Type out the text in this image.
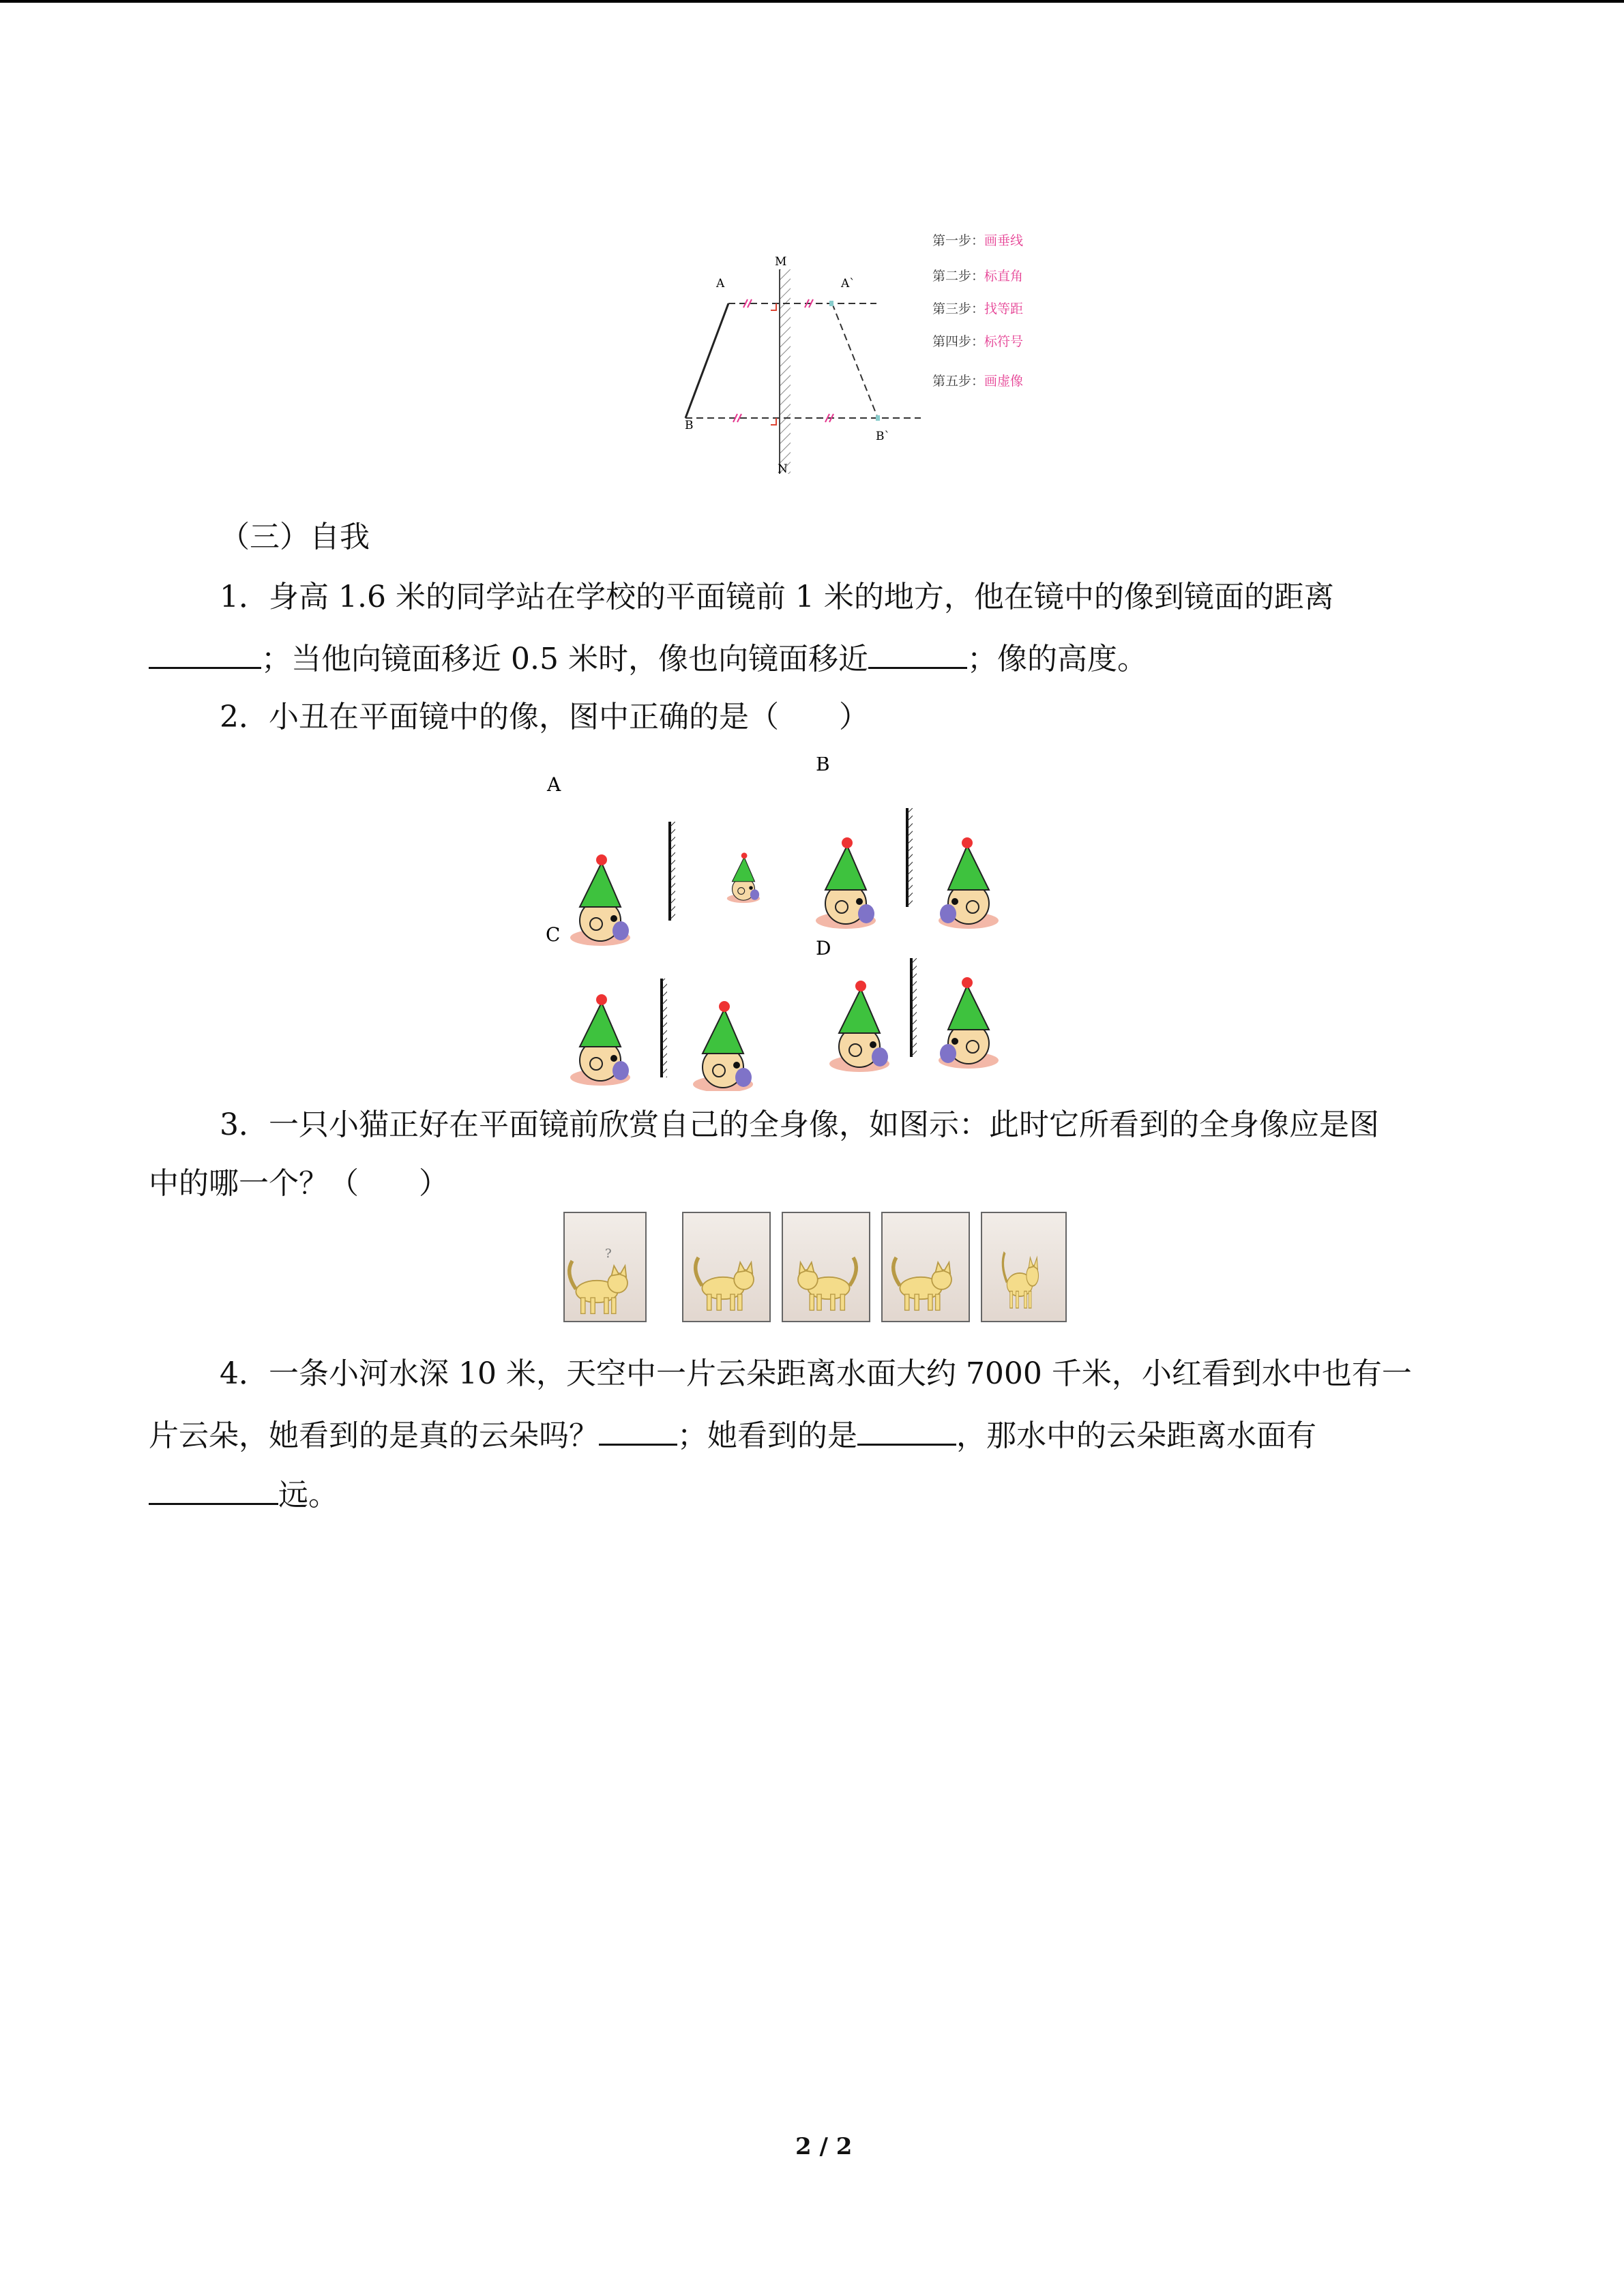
A
M
A`
B
B`
N
第一步：画垂线
第二步：标直角
第三步：找等距
第四步：标符号
第五步：画虚像
（三）自我
1．身高 1.6 米的同学站在学校的平面镜前 1 米的地方，他在镜中的像到镜面的距离
；当他向镜面移近 0.5 米时，像也向镜面移近	；像的高度。
2．小丑在平面镜中的像，图中正确的是（　　）
A
B
C
D
3．一只小猫正好在平面镜前欣赏自己的全身像，如图示：此时它所看到的全身像应是图
中的哪一个？（　　）
?
4．一条小河水深 10 米，天空中一片云朵距离水面大约 7000 千米，小红看到水中也有一
片云朵，她看到的是真的云朵吗？	；她看到的是	，那水中的云朵距离水面有
远。
2 / 2
